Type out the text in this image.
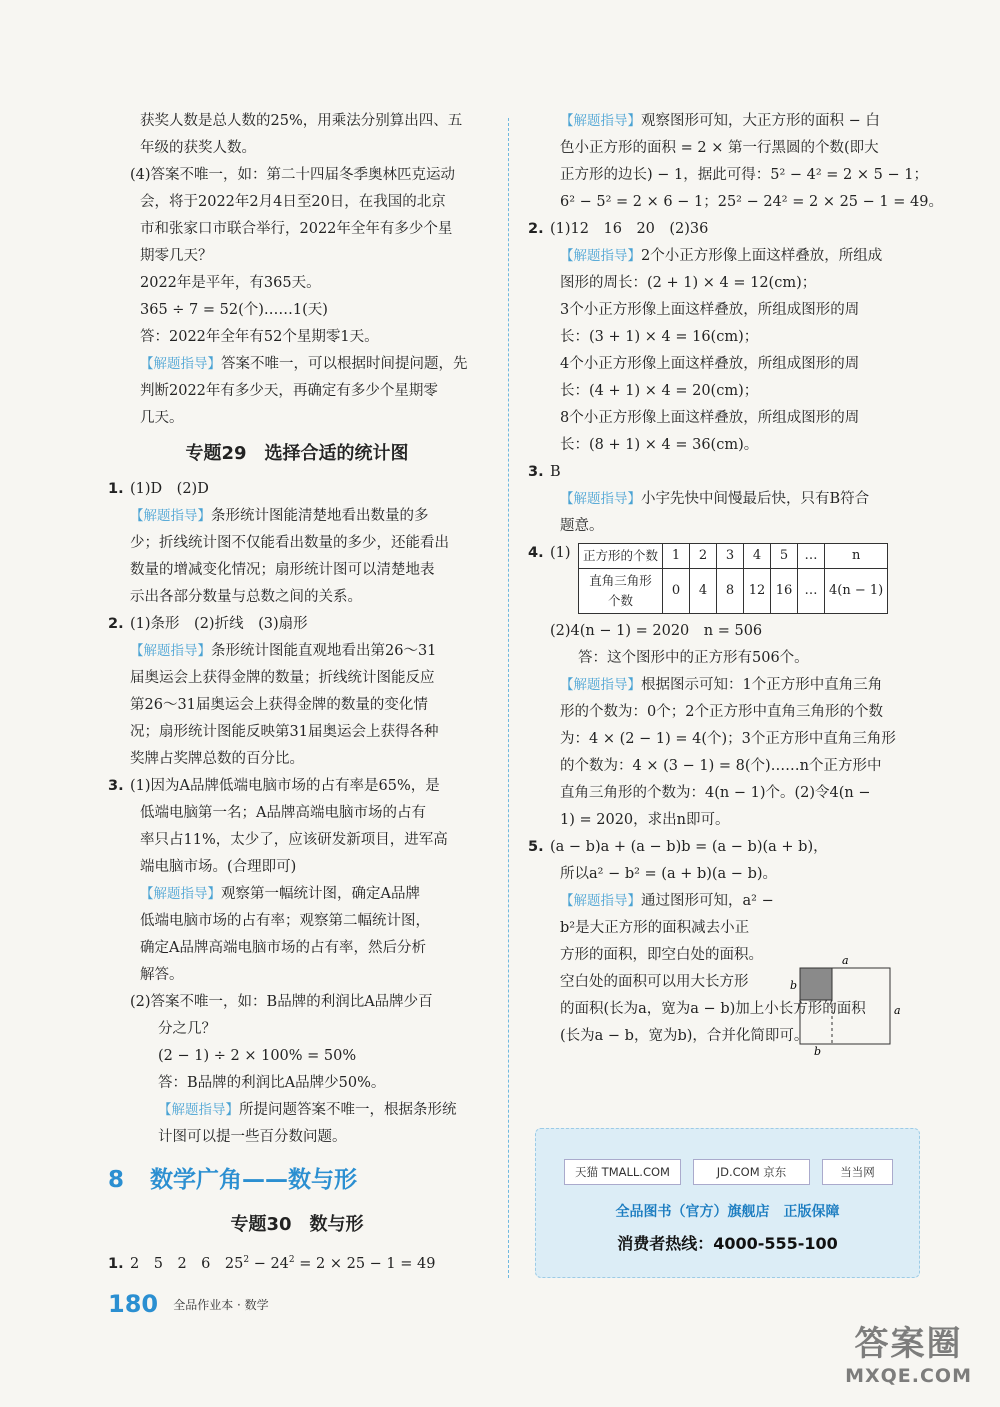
获奖人数是总人数的25%，用乘法分别算出四、五
年级的获奖人数。
(4)答案不唯一，如：第二十四届冬季奥林匹克运动
会，将于2022年2月4日至20日，在我国的北京
市和张家口市联合举行，2022年全年有多少个星
期零几天？
2022年是平年，有365天。
365 ÷ 7 = 52(个)……1(天)
答：2022年全年有52个星期零1天。
【解题指导】答案不唯一，可以根据时间提问题，先
判断2022年有多少天，再确定有多少个星期零
几天。
专题29　选择合适的统计图
1. (1)D　(2)D
【解题指导】条形统计图能清楚地看出数量的多
少；折线统计图不仅能看出数量的多少，还能看出
数量的增减变化情况；扇形统计图可以清楚地表
示出各部分数量与总数之间的关系。
2. (1)条形　(2)折线　(3)扇形
【解题指导】条形统计图能直观地看出第26～31
届奥运会上获得金牌的数量；折线统计图能反应
第26～31届奥运会上获得金牌的数量的变化情
况；扇形统计图能反映第31届奥运会上获得各种
奖牌占奖牌总数的百分比。
3. (1)因为A品牌低端电脑市场的占有率是65%，是
低端电脑第一名；A品牌高端电脑市场的占有
率只占11%，太少了，应该研发新项目，进军高
端电脑市场。(合理即可)
【解题指导】观察第一幅统计图，确定A品牌
低端电脑市场的占有率；观察第二幅统计图，
确定A品牌高端电脑市场的占有率，然后分析
解答。
(2)答案不唯一，如：B品牌的利润比A品牌少百
分之几？
(2 − 1) ÷ 2 × 100% = 50%
答：B品牌的利润比A品牌少50%。
【解题指导】所提问题答案不唯一，根据条形统
计图可以提一些百分数问题。
8 数学广角——数与形
专题30　数与形
1. 2　5　2　6　$25^2 - 24^2 = 2 \times 25 - 1 = 49$
【解题指导】观察图形可知，大正方形的面积 − 白
色小正方形的面积 = 2 × 第一行黑圆的个数(即大
正方形的边长) − 1，据此可得：5² − 4² = 2 × 5 − 1；
6² − 5² = 2 × 6 − 1；25² − 24² = 2 × 25 − 1 = 49。
2. (1)12　16　20　(2)36
【解题指导】2个小正方形像上面这样叠放，所组成
图形的周长：(2 + 1) × 4 = 12(cm)；
3个小正方形像上面这样叠放，所组成图形的周
长：(3 + 1) × 4 = 16(cm)；
4个小正方形像上面这样叠放，所组成图形的周
长：(4 + 1) × 4 = 20(cm)；
8个小正方形像上面这样叠放，所组成图形的周
长：(8 + 1) × 4 = 36(cm)。
3. B
【解题指导】小宇先快中间慢最后快，只有B符合
题意。
4. (1) 正方形的个数	1	2	3	4	5	…	n

直角三角形
个数	0	4	8	12	16	…	4(n − 1)
(2)4(n − 1) = 2020　n = 506
答：这个图形中的正方形有506个。
【解题指导】根据图示可知：1个正方形中直角三角
形的个数为：0个；2个正方形中直角三角形的个数
为：4 × (2 − 1) = 4(个)；3个正方形中直角三角形
的个数为：4 × (3 − 1) = 8(个)……n个正方形中
直角三角形的个数为：4(n − 1)个。(2)令4(n −
1) = 2020，求出n即可。
5. (a − b)a + (a − b)b = (a − b)(a + b)，
所以a² − b² = (a + b)(a − b)。
【解题指导】通过图形可知，a² −
b²是大正方形的面积减去小正
方形的面积，即空白处的面积。
空白处的面积可以用大长方形
的面积(长为a，宽为a − b)加上小长方形的面积
(长为a − b，宽为b)，合并化简即可。
a
b
a
b
天猫 TMALL.COM	JD.COM 京东	当当网
全品图书（官方）旗舰店　正版保障
消费者热线：4000-555-100
180 全品作业本 · 数学
答案圈
MXQE.COM
